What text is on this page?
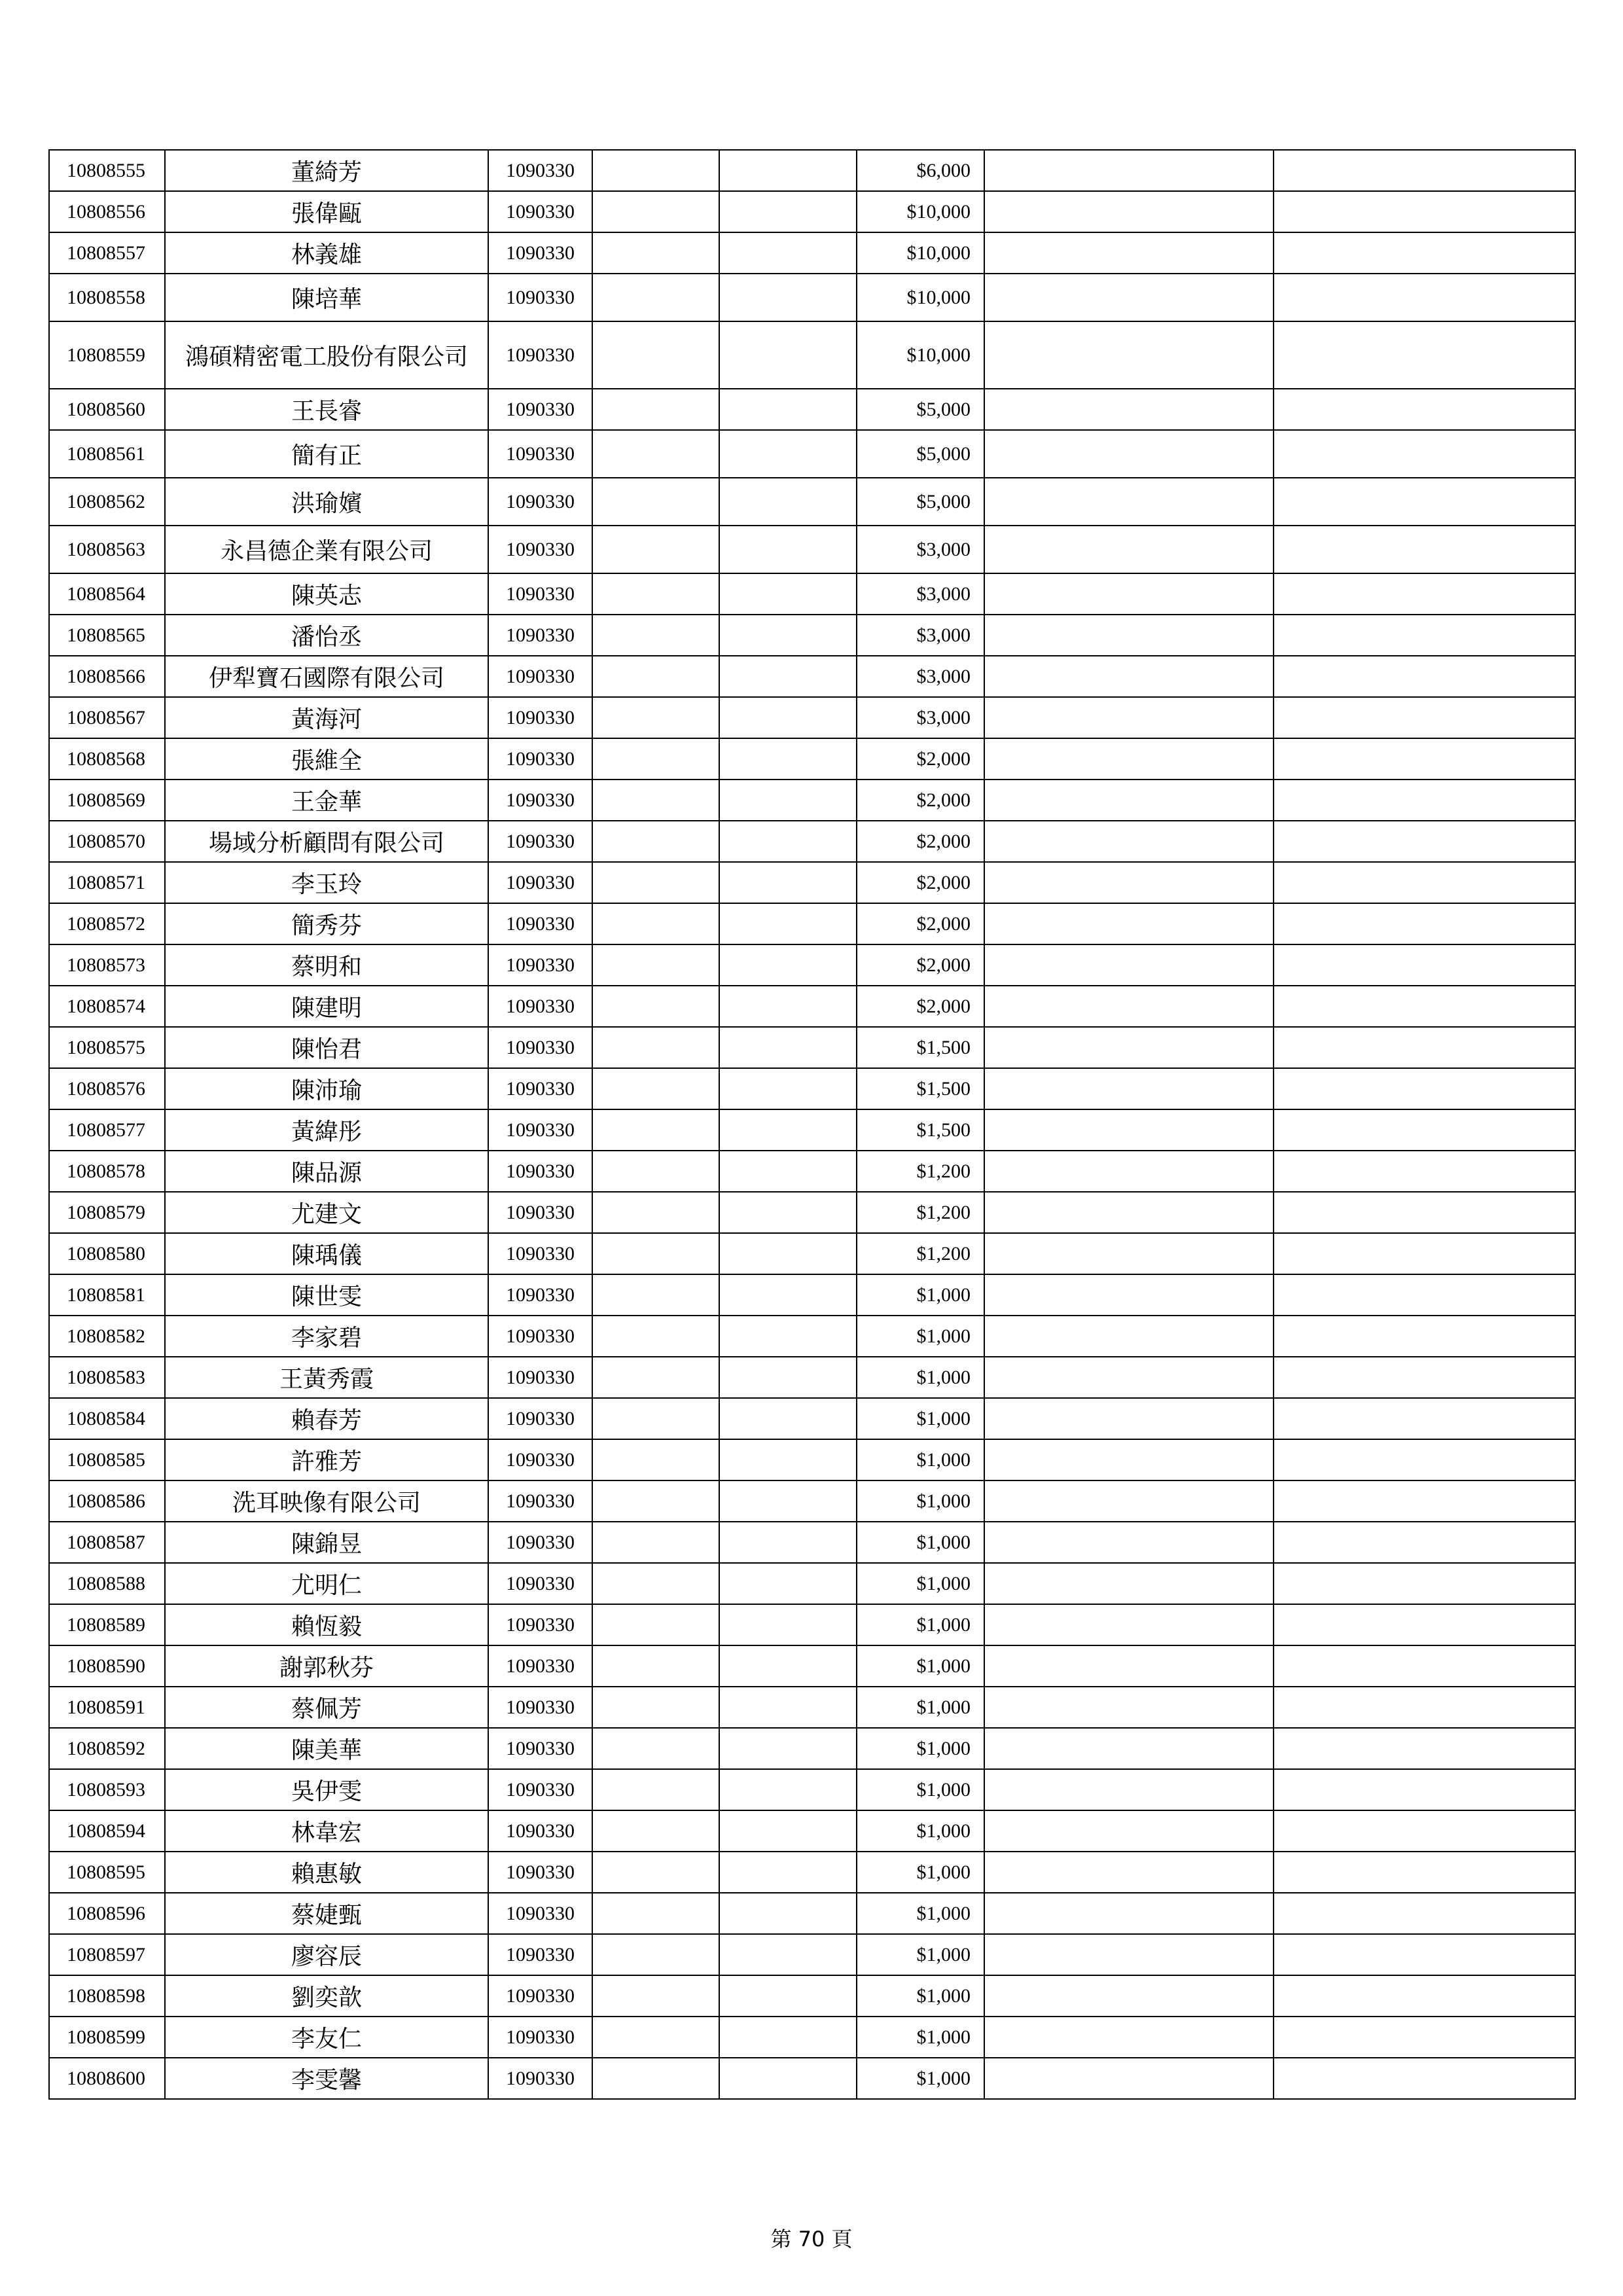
10808555	董綺芳	1090330			$6,000		
10808556	張偉甌	1090330			$10,000		
10808557	林義雄	1090330			$10,000		
10808558	陳培華	1090330			$10,000		
10808559	鴻碩精密電工股份有限公司	1090330			$10,000		
10808560	王長睿	1090330			$5,000		
10808561	簡有正	1090330			$5,000		
10808562	洪瑜嬪	1090330			$5,000		
10808563	永昌德企業有限公司	1090330			$3,000		
10808564	陳英志	1090330			$3,000		
10808565	潘怡丞	1090330			$3,000		
10808566	伊犁寶石國際有限公司	1090330			$3,000		
10808567	黃海河	1090330			$3,000		
10808568	張維全	1090330			$2,000		
10808569	王金華	1090330			$2,000		
10808570	場域分析顧問有限公司	1090330			$2,000		
10808571	李玉玲	1090330			$2,000		
10808572	簡秀芬	1090330			$2,000		
10808573	蔡明和	1090330			$2,000		
10808574	陳建明	1090330			$2,000		
10808575	陳怡君	1090330			$1,500		
10808576	陳沛瑜	1090330			$1,500		
10808577	黃緯彤	1090330			$1,500		
10808578	陳品源	1090330			$1,200		
10808579	尤建文	1090330			$1,200		
10808580	陳瑀儀	1090330			$1,200		
10808581	陳世雯	1090330			$1,000		
10808582	李家碧	1090330			$1,000		
10808583	王黃秀霞	1090330			$1,000		
10808584	賴春芳	1090330			$1,000		
10808585	許雅芳	1090330			$1,000		
10808586	洗耳映像有限公司	1090330			$1,000		
10808587	陳錦昱	1090330			$1,000		
10808588	尤明仁	1090330			$1,000		
10808589	賴恆毅	1090330			$1,000		
10808590	謝郭秋芬	1090330			$1,000		
10808591	蔡佩芳	1090330			$1,000		
10808592	陳美華	1090330			$1,000		
10808593	吳伊雯	1090330			$1,000		
10808594	林韋宏	1090330			$1,000		
10808595	賴惠敏	1090330			$1,000		
10808596	蔡婕甄	1090330			$1,000		
10808597	廖容辰	1090330			$1,000		
10808598	劉奕歆	1090330			$1,000		
10808599	李友仁	1090330			$1,000		
10808600	李雯馨	1090330			$1,000		
第 70 頁
